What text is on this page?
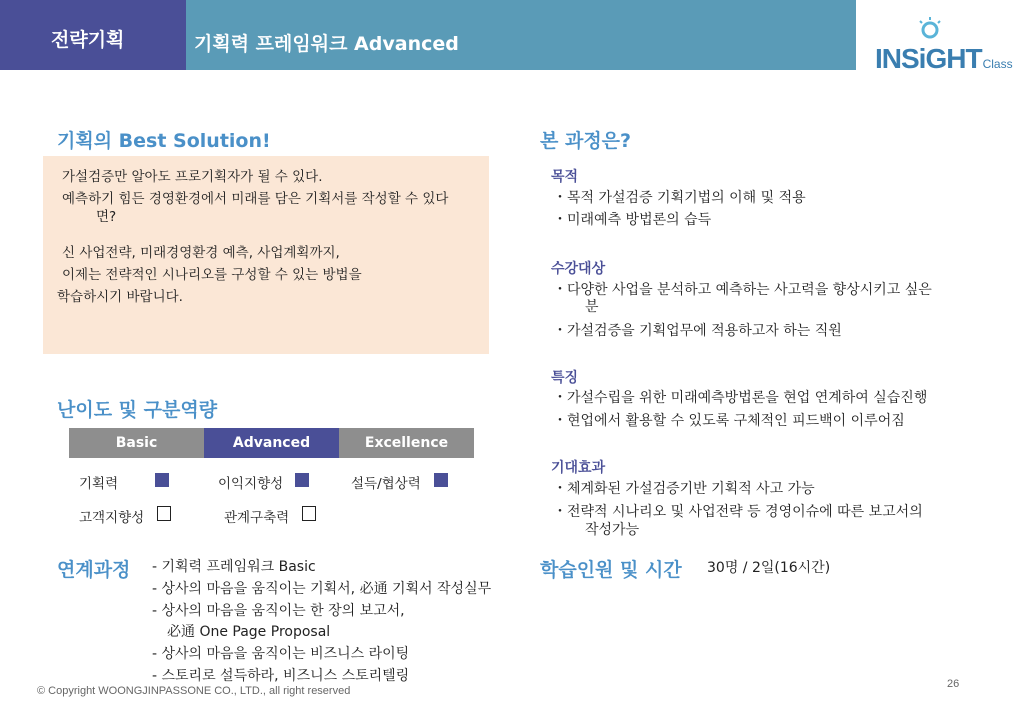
전략기획	기획력 프레임워크 Advanced	INSiGHTClass
기획의 Best Solution!

가설검증만 알아도 프로기획자가 될 수 있다.

예측하기 힘든 경영환경에서 미래를 담은 기획서를 작성할 수 있다

면?

신 사업전략, 미래경영환경 예측, 사업계획까지,

이제는 전략적인 시나리오를 구성할 수 있는 방법을

학습하시기 바랍니다.

난이도 및 구분역량
Basic	Advanced	Excellence
기획력	이익지향성	설득/협상력
고객지향성	관계구축력
연계과정 - 기획력 프레임워크 Basic
- 상사의 마음을 움직이는 기획서, 必通 기획서 작성실무
- 상사의 마음을 움직이는 한 장의 보고서,
必通 One Page Proposal
- 상사의 마음을 움직이는 비즈니스 라이팅
- 스토리로 설득하라, 비즈니스 스토리텔링
본 과정은?
목적
・목적 가설검증 기획기법의 이해 및 적용
・미래예측 방법론의 습득
수강대상
・다양한 사업을 분석하고 예측하는 사고력을 향상시키고 싶은
분
・가설검증을 기획업무에 적용하고자 하는 직원
특징
・가설수립을 위한 미래예측방법론을 현업 연계하여 실습진행
・현업에서 활용할 수 있도록 구체적인 피드백이 이루어짐
기대효과
・체계화된 가설검증기반 기획적 사고 가능
・전략적 시나리오 및 사업전략 등 경영이슈에 따른 보고서의
작성가능
학습인원 및 시간 30명 / 2일(16시간)
© Copyright WOONGJINPASSONE CO., LTD., all right reserved
26
